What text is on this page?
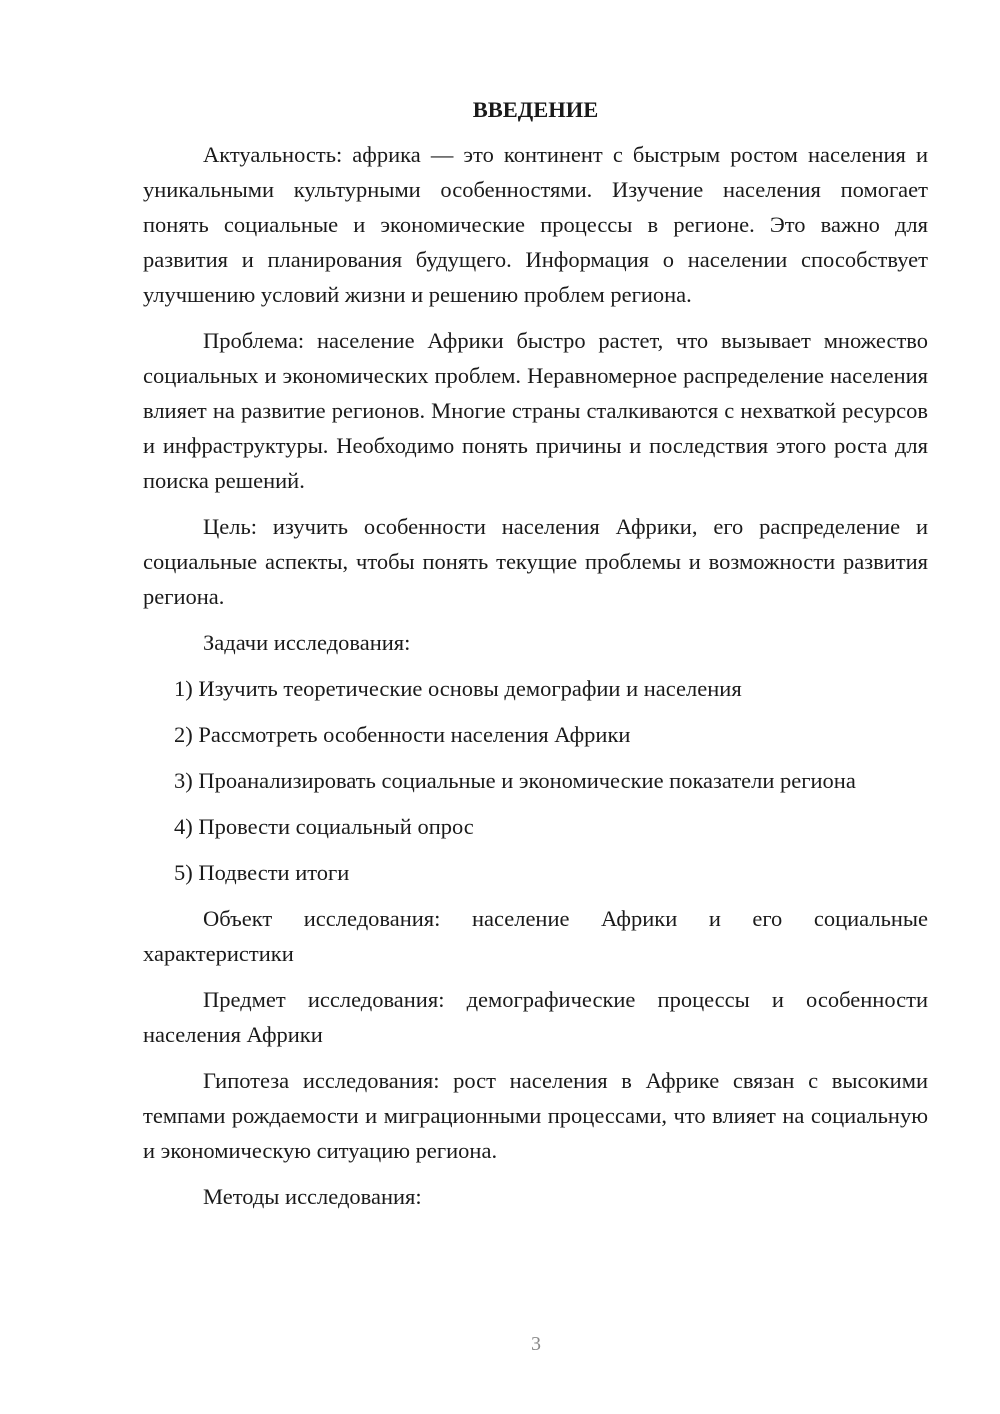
ВВЕДЕНИЕ

Актуальность: африка — это континент с быстрым ростом населения и уникальными культурными особенностями. Изучение населения помогает понять социальные и экономические процессы в регионе. Это важно для развития и планирования будущего. Информация о населении способствует улучшению условий жизни и решению проблем региона.

Проблема: население Африки быстро растет, что вызывает множество социальных и экономических проблем. Неравномерное распределение населения влияет на развитие регионов. Многие страны сталкиваются с нехваткой ресурсов и инфраструктуры. Необходимо понять причины и последствия этого роста для поиска решений.

Цель: изучить особенности населения Африки, его распределение и социальные аспекты, чтобы понять текущие проблемы и возможности развития региона.

Задачи исследования:

1) Изучить теоретические основы демографии и населения

2) Рассмотреть особенности населения Африки

3) Проанализировать социальные и экономические показатели региона

4) Провести социальный опрос

5) Подвести итоги

Объект исследования: население Африки и его социальные характеристики

Предмет исследования: демографические процессы и особенности населения Африки

Гипотеза исследования: рост населения в Африке связан с высокими темпами рождаемости и миграционными процессами, что влияет на социальную и экономическую ситуацию региона.

Методы исследования:

3
